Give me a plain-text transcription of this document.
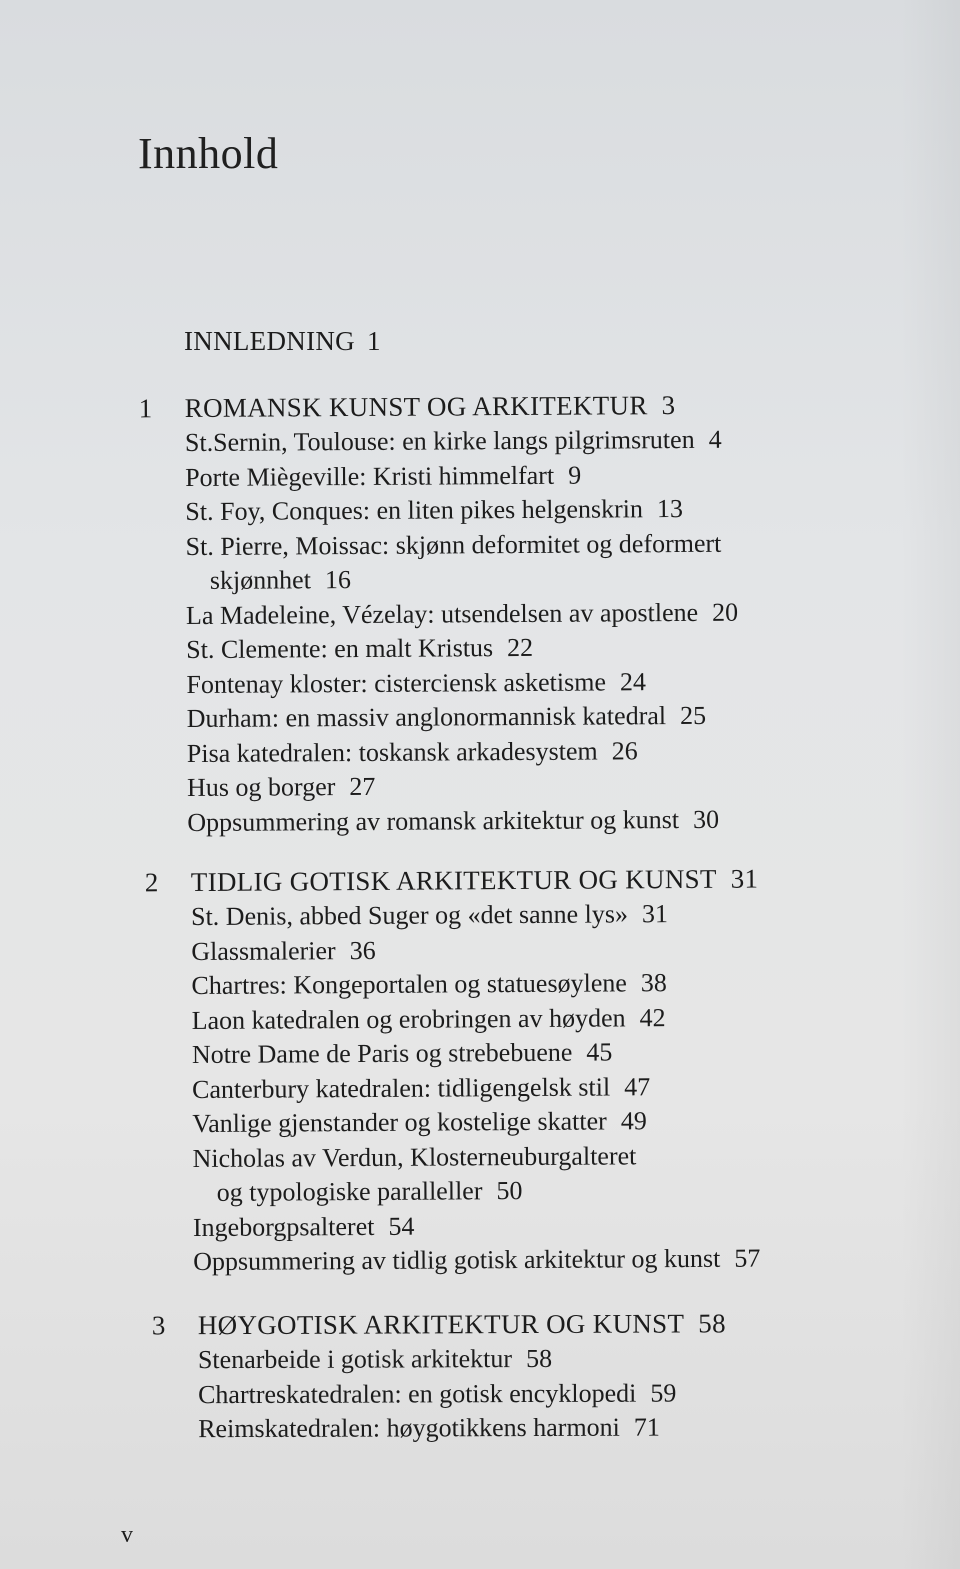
Innhold
INNLEDNING 1
1	ROMANSK KUNST OG ARKITEKTUR 3
St.Sernin, Toulouse: en kirke langs pilgrimsruten 4
Porte Miègeville: Kristi himmelfart 9
St. Foy, Conques: en liten pikes helgenskrin 13
St. Pierre, Moissac: skjønn deformitet og deformert
skjønnhet 16
La Madeleine, Vézelay: utsendelsen av apostlene 20
St. Clemente: en malt Kristus 22
Fontenay kloster: cisterciensk asketisme 24
Durham: en massiv anglonormannisk katedral 25
Pisa katedralen: toskansk arkadesystem 26
Hus og borger 27
Oppsummering av romansk arkitektur og kunst 30
2	TIDLIG GOTISK ARKITEKTUR OG KUNST 31
St. Denis, abbed Suger og «det sanne lys» 31
Glassmalerier 36
Chartres: Kongeportalen og statuesøylene 38
Laon katedralen og erobringen av høyden 42
Notre Dame de Paris og strebebuene 45
Canterbury katedralen: tidligengelsk stil 47
Vanlige gjenstander og kostelige skatter 49
Nicholas av Verdun, Klosterneuburgalteret
og typologiske paralleller 50
Ingeborgpsalteret 54
Oppsummering av tidlig gotisk arkitektur og kunst 57
3	HØYGOTISK ARKITEKTUR OG KUNST 58
Stenarbeide i gotisk arkitektur 58
Chartreskatedralen: en gotisk encyklopedi 59
Reimskatedralen: høygotikkens harmoni 71
v
